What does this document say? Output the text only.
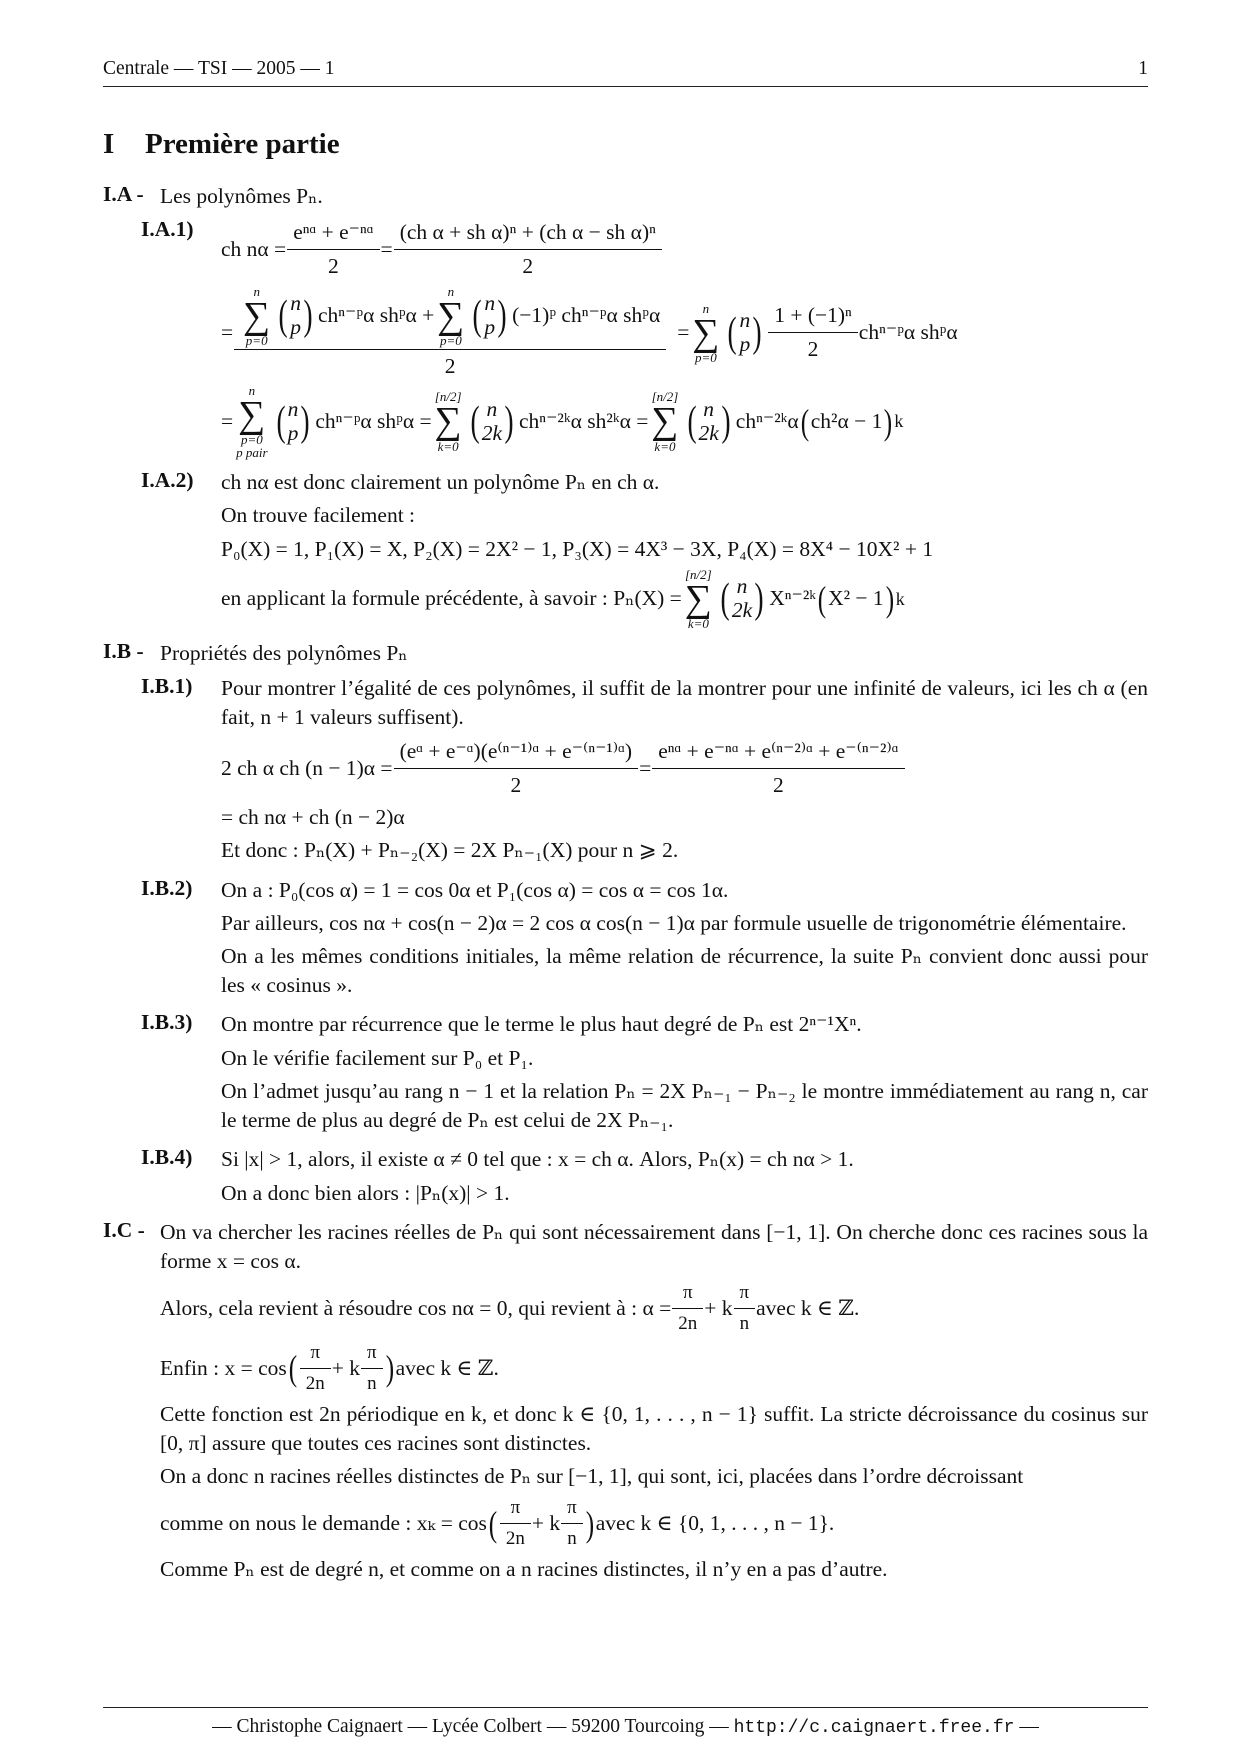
Centrale — TSI — 2005 — 1	1
I Première partie
I.A - Les polynômes Pₙ.
I.A.1)
ch $n\alpha = \frac{\text{eⁿᵅ + e⁻ⁿᵅ}}{2} = \frac{\text{(ch α + sh α)ⁿ + (ch α − sh α)ⁿ}}{2}$
=
n
∑
p=0
( n
p ) chⁿ⁻ᵖα shᵖα +
n
∑
p=0
( n
p ) (−1)ᵖ chⁿ⁻ᵖα shᵖα
2
=
n
∑
p=0
( n
p ) $\frac{\text{1 + (−1)ⁿ}}{2}$ chⁿ⁻ᵖα shᵖα
=
n
∑
p=0
p pair
( n
p ) chⁿ⁻ᵖα shᵖα =
[n/2]
∑
k=0
( n
2k ) chⁿ⁻²ᵏα sh²ᵏα =
[n/2]
∑
k=0
( n
2k ) chⁿ⁻²ᵏα ( ch²α − 1 ) k
I.A.2)	ch nα est donc clairement un polynôme Pₙ en ch α.
On trouve facilement :
P₀(X) = 1, P₁(X) = X, P₂(X) = 2X² − 1, P₃(X) = 4X³ − 3X, P₄(X) = 8X⁴ − 10X² + 1
en applicant la formule précédente, à savoir : Pₙ(X) =
[n/2]
∑
k=0
( n
2k ) Xⁿ⁻²ᵏ ( X² − 1 ) k
I.B - Propriétés des polynômes Pₙ
I.B.1)	Pour montrer l’égalité de ces polynômes, il suffit de la montrer pour une infinité de valeurs, ici les ch α (en fait, n + 1 valeurs suffisent).
2 ch α ch $(n - 1)\alpha = \frac{\text{(eᵅ + e⁻ᵅ)(e⁽ⁿ⁻¹⁾ᵅ + e⁻⁽ⁿ⁻¹⁾ᵅ)}}{2} = \frac{\text{eⁿᵅ + e⁻ⁿᵅ + e⁽ⁿ⁻²⁾ᵅ + e⁻⁽ⁿ⁻²⁾ᵅ}}{2}$
= ch nα + ch (n − 2)α
Et donc : Pₙ(X) + Pₙ₋₂(X) = 2X Pₙ₋₁(X) pour n ⩾ 2.
I.B.2)	On a : P₀(cos α) = 1 = cos 0α et P₁(cos α) = cos α = cos 1α.
Par ailleurs, cos nα + cos(n − 2)α = 2 cos α cos(n − 1)α par formule usuelle de trigonométrie élémentaire.
On a les mêmes conditions initiales, la même relation de récurrence, la suite Pₙ convient donc aussi pour les « cosinus ».
I.B.3)	On montre par récurrence que le terme le plus haut degré de Pₙ est 2ⁿ⁻¹Xⁿ.
On le vérifie facilement sur P₀ et P₁.
On l’admet jusqu’au rang n − 1 et la relation Pₙ = 2X Pₙ₋₁ − Pₙ₋₂ le montre immédiatement au rang n, car le terme de plus au degré de Pₙ est celui de 2X Pₙ₋₁.
I.B.4)	Si |x| > 1, alors, il existe α ≠ 0 tel que : x = ch α. Alors, Pₙ(x) = ch nα > 1.
On a donc bien alors : |Pₙ(x)| > 1.
I.C - On va chercher les racines réelles de Pₙ qui sont nécessairement dans [−1, 1]. On cherche donc ces racines sous la forme x = cos α.
Alors, cela revient à résoudre cos nα = 0, qui revient à : $\alpha = \frac{\pi}{2n} + k \frac{\pi}{n}$ avec k ∈ ℤ.
Enfin : x = cos ( $\frac{\pi}{2n} + k \frac{\pi}{n}$ ) avec k ∈ ℤ.
Cette fonction est 2n périodique en k, et donc k ∈ {0, 1, . . . , n − 1} suffit. La stricte décroissance du cosinus sur [0, π] assure que toutes ces racines sont distinctes.
On a donc n racines réelles distinctes de Pₙ sur [−1, 1], qui sont, ici, placées dans l’ordre décroissant
comme on nous le demande : xₖ = cos ( $\frac{\pi}{2n} + k \frac{\pi}{n}$ ) avec k ∈ {0, 1, . . . , n − 1}.
Comme Pₙ est de degré n, et comme on a n racines distinctes, il n’y en a pas d’autre.
— Christophe Caignaert — Lycée Colbert — 59200 Tourcoing — http://c.caignaert.free.fr —
